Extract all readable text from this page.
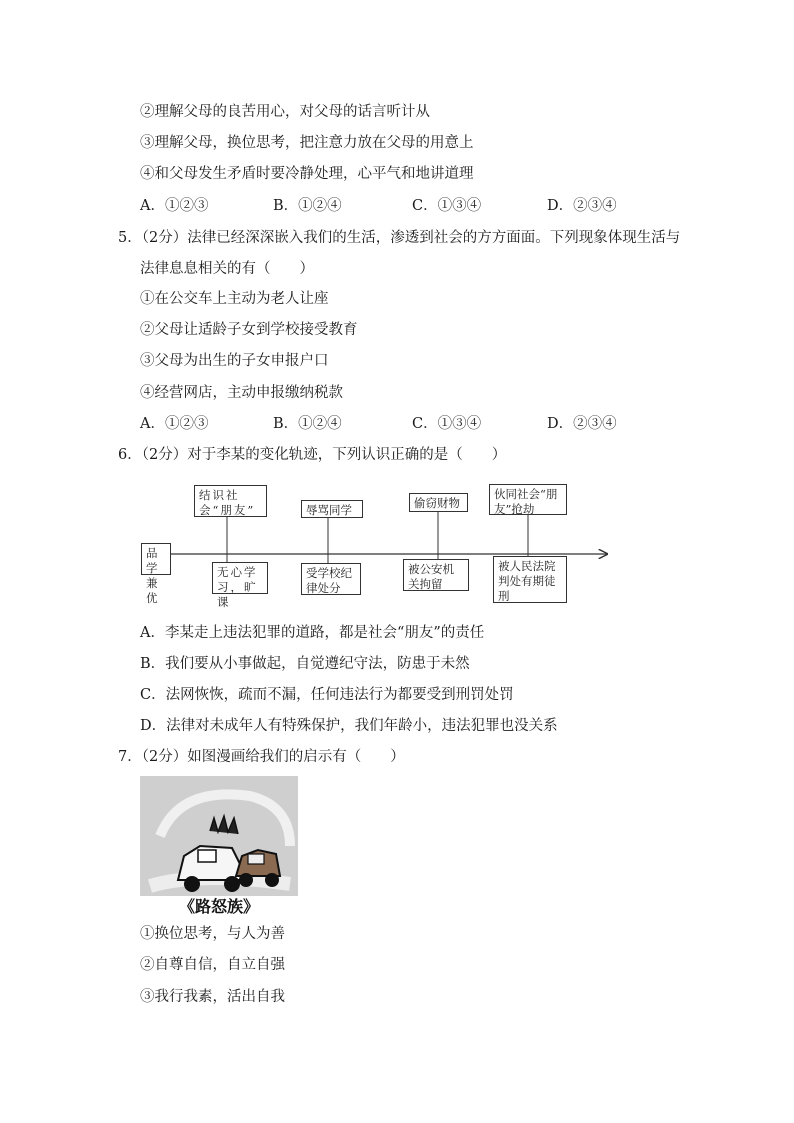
②理解父母的良苦用心，对父母的话言听计从
③理解父母，换位思考，把注意力放在父母的用意上
④和父母发生矛盾时要冷静处理，心平气和地讲道理
A．①②③	B．①②④	C．①③④	D．②③④
5．（2分）法律已经深深嵌入我们的生活，渗透到社会的方方面面。下列现象体现生活与
法律息息相关的有（　　）
①在公交车上主动为老人让座
②父母让适龄子女到学校接受教育
③父母为出生的子女申报户口
④经营网店，主动申报缴纳税款
A．①②③	B．①②④	C．①③④	D．②③④
6．（2分）对于李某的变化轨迹，下列认识正确的是（　　）
品学兼优
结识社会“朋友”	辱骂同学	偷窃财物
伙同社会“朋友”抢劫
无心学习，旷课
受学校纪律处分
被公安机关拘留
被人民法院判处有期徒刑
A．李某走上违法犯罪的道路，都是社会“朋友”的责任
B．我们要从小事做起，自觉遵纪守法，防患于未然
C．法网恢恢，疏而不漏，任何违法行为都要受到刑罚处罚
D．法律对未成年人有特殊保护，我们年龄小，违法犯罪也没关系
7．（2分）如图漫画给我们的启示有（　　）
《路怒族》
①换位思考，与人为善
②自尊自信，自立自强
③我行我素，活出自我
